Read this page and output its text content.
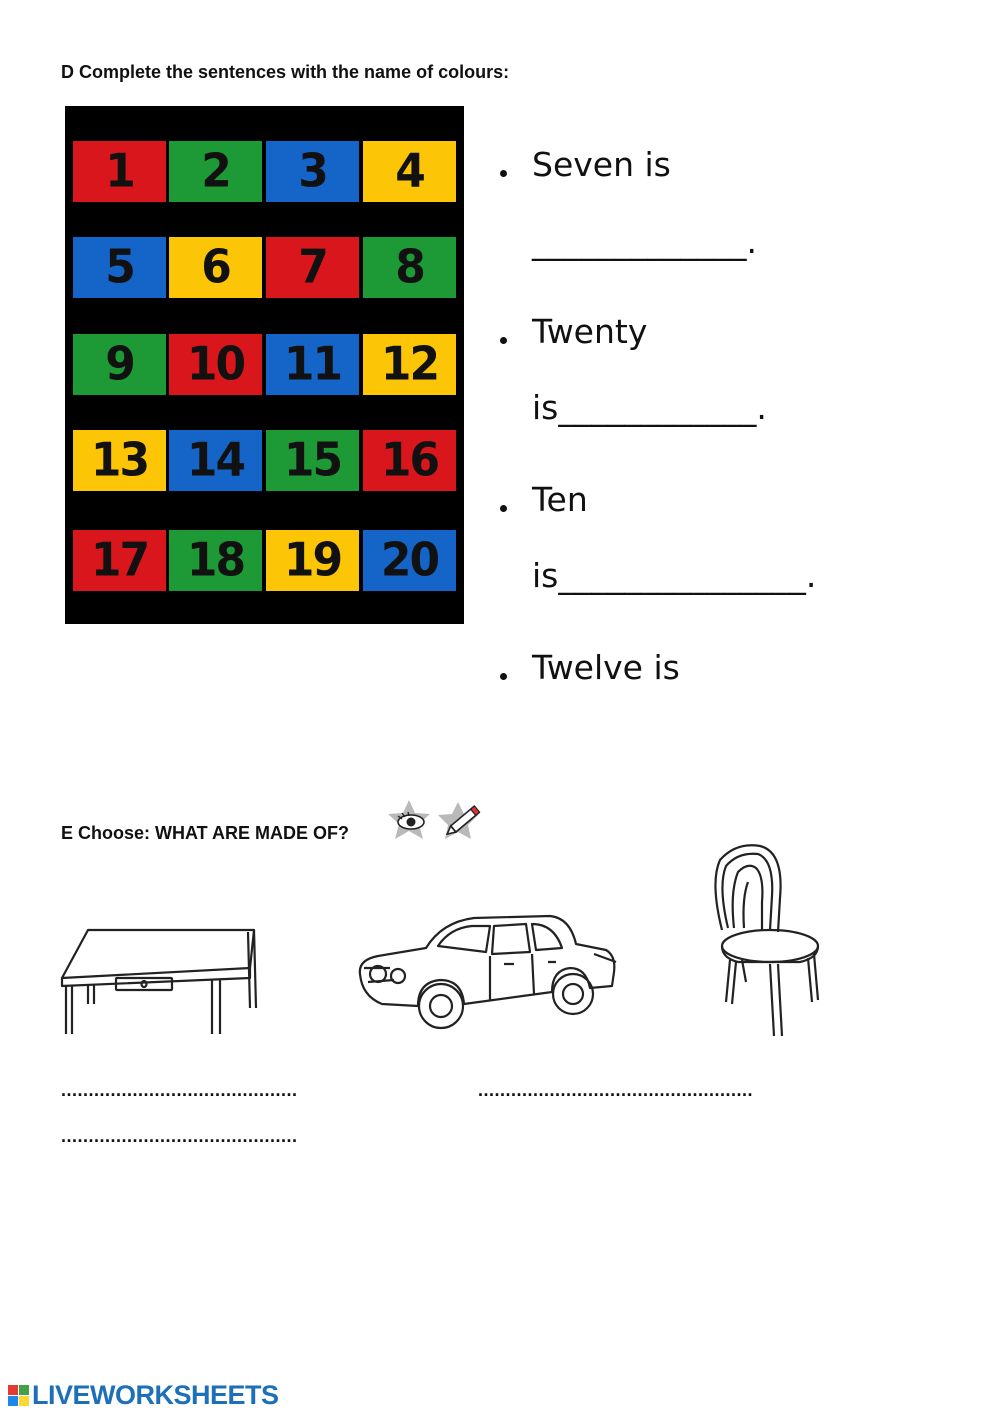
D Complete the sentences with the name of colours:
1 2 3 4
5 6 7 8
9 10 11 12
13 14 15 16
17 18 19 20
Seven is
_____________.
Twenty
is____________.
Ten
is_______________.
Twelve is
E Choose: WHAT ARE MADE OF?
...........................................	..................................................
...........................................
LIVEWORKSHEETS
